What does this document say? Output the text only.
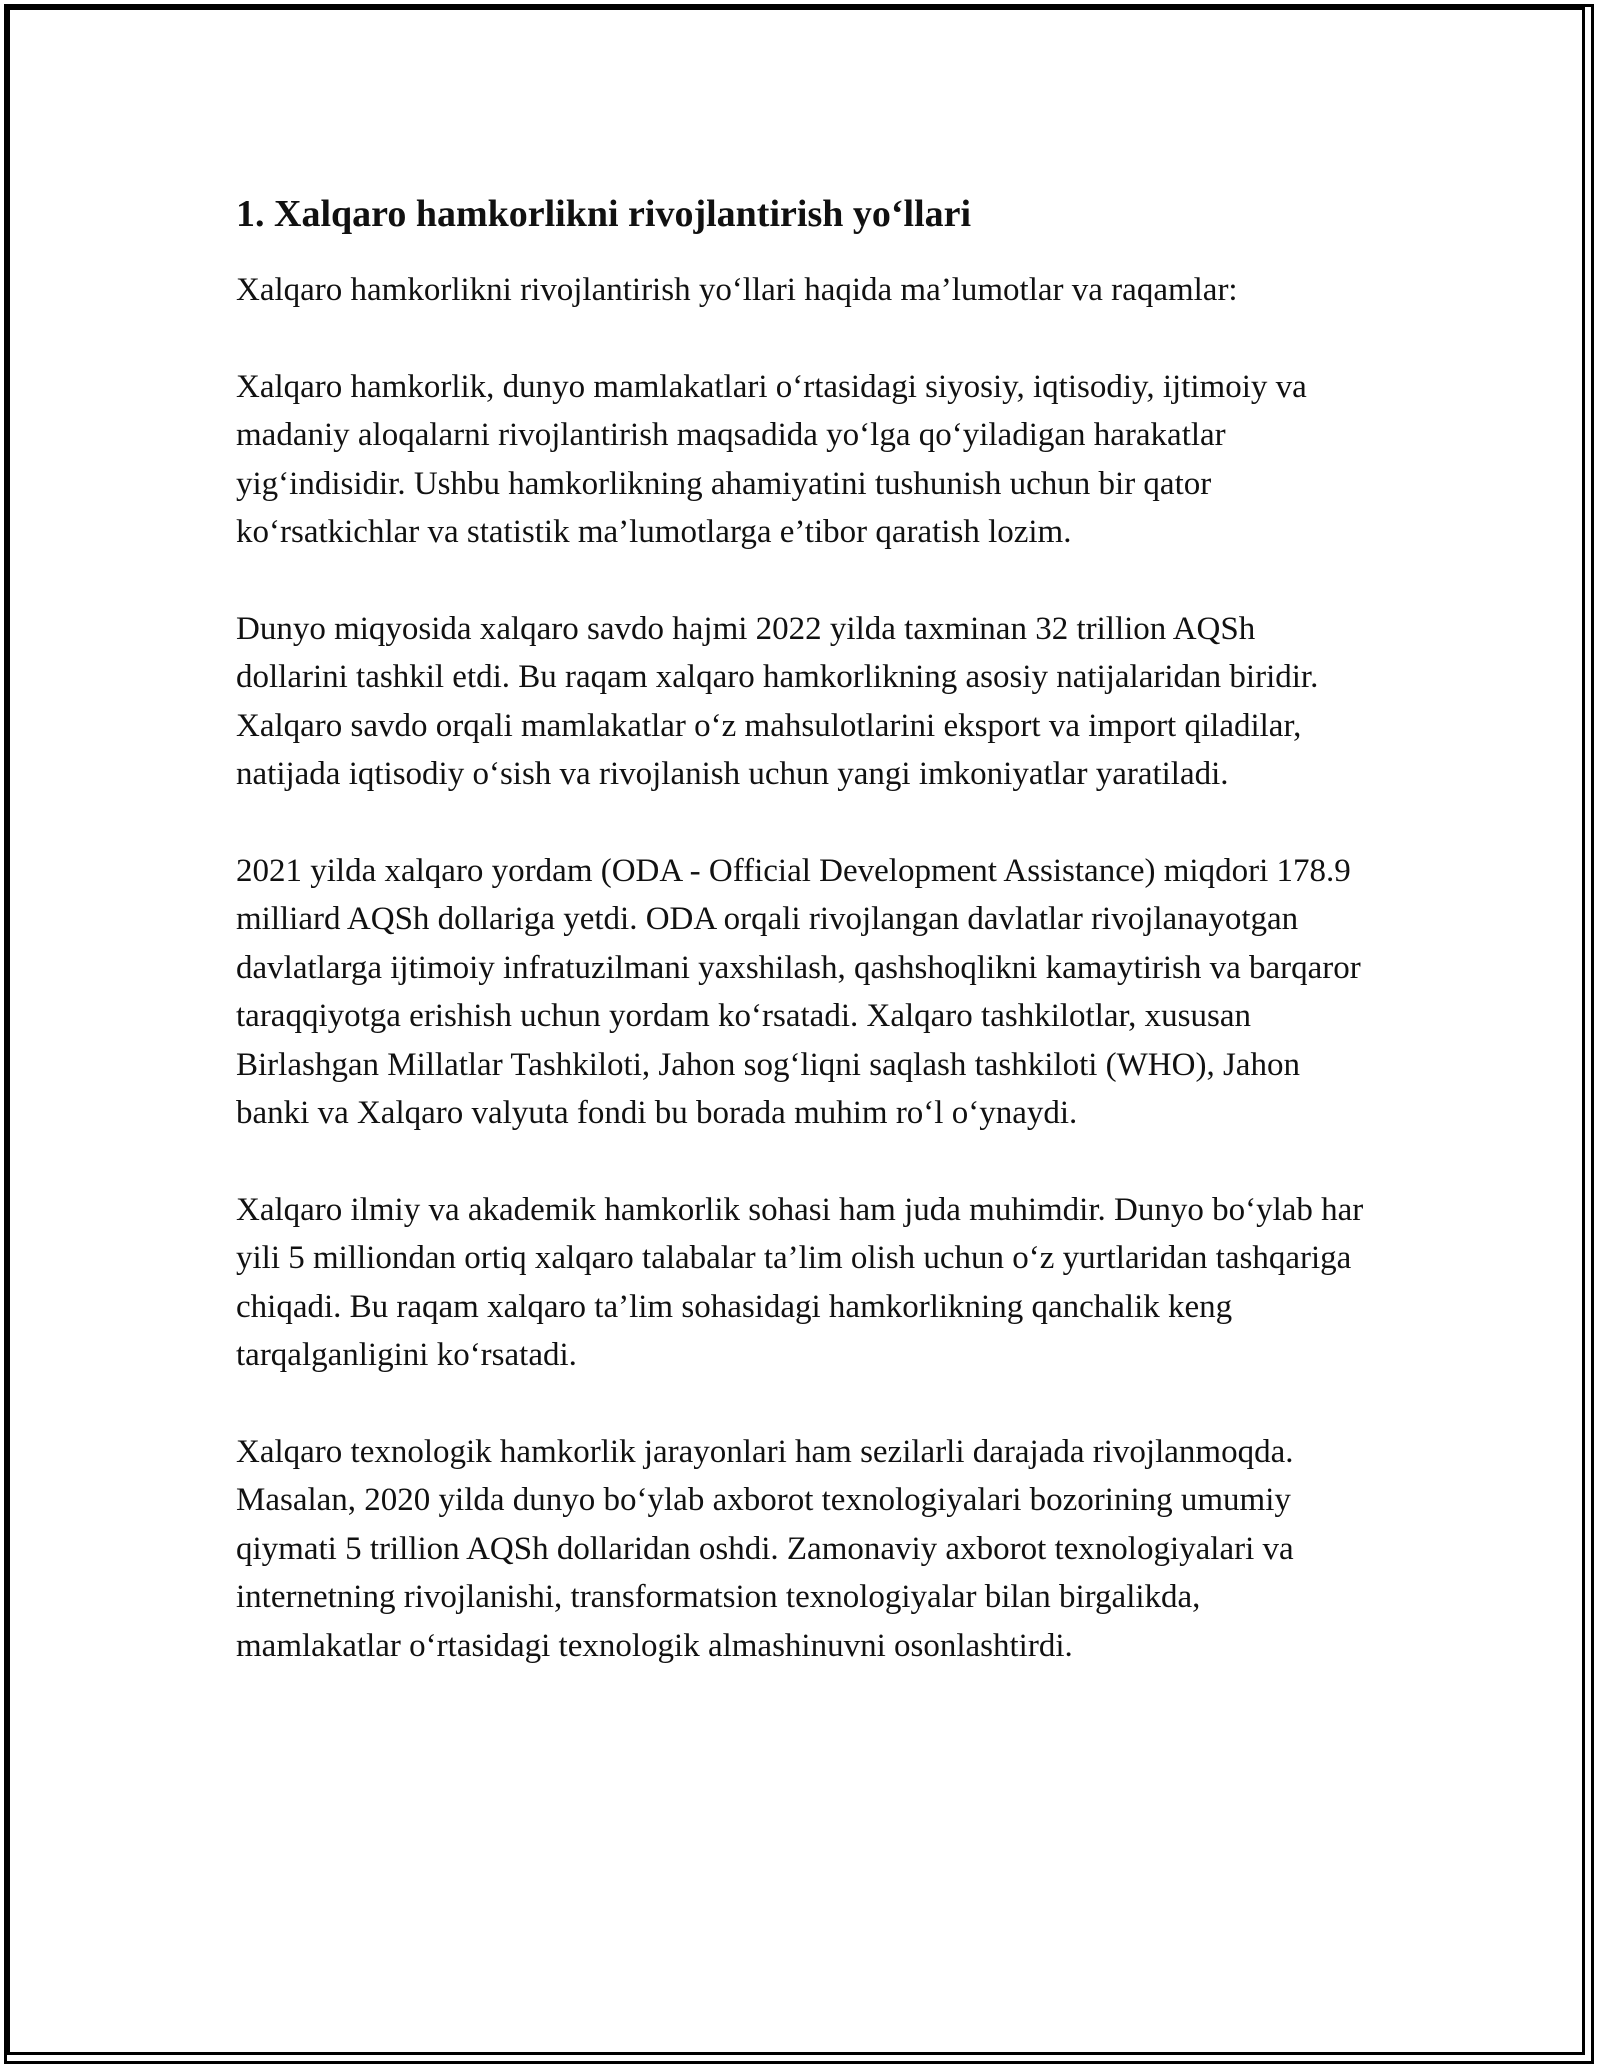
1. Xalqaro hamkorlikni rivojlantirish yo‘llari

Xalqaro hamkorlikni rivojlantirish yo‘llari haqida ma’lumotlar va raqamlar:

Xalqaro hamkorlik, dunyo mamlakatlari o‘rtasidagi siyosiy, iqtisodiy, ijtimoiy va madaniy aloqalarni rivojlantirish maqsadida yo‘lga qo‘yiladigan harakatlar yig‘indisidir. Ushbu hamkorlikning ahamiyatini tushunish uchun bir qator ko‘rsatkichlar va statistik ma’lumotlarga e’tibor qaratish lozim.

Dunyo miqyosida xalqaro savdo hajmi 2022 yilda taxminan 32 trillion AQSh dollarini tashkil etdi. Bu raqam xalqaro hamkorlikning asosiy natijalaridan biridir. Xalqaro savdo orqali mamlakatlar o‘z mahsulotlarini eksport va import qiladilar, natijada iqtisodiy o‘sish va rivojlanish uchun yangi imkoniyatlar yaratiladi.

2021 yilda xalqaro yordam (ODA - Official Development Assistance) miqdori 178.9 milliard AQSh dollariga yetdi. ODA orqali rivojlangan davlatlar rivojlanayotgan davlatlarga ijtimoiy infratuzilmani yaxshilash, qashshoqlikni kamaytirish va barqaror taraqqiyotga erishish uchun yordam ko‘rsatadi. Xalqaro tashkilotlar, xususan Birlashgan Millatlar Tashkiloti, Jahon sog‘liqni saqlash tashkiloti (WHO), Jahon banki va Xalqaro valyuta fondi bu borada muhim ro‘l o‘ynaydi.

Xalqaro ilmiy va akademik hamkorlik sohasi ham juda muhimdir. Dunyo bo‘ylab har yili 5 milliondan ortiq xalqaro talabalar ta’lim olish uchun o‘z yurtlaridan tashqariga chiqadi. Bu raqam xalqaro ta’lim sohasidagi hamkorlikning qanchalik keng tarqalganligini ko‘rsatadi.

Xalqaro texnologik hamkorlik jarayonlari ham sezilarli darajada rivojlanmoqda. Masalan, 2020 yilda dunyo bo‘ylab axborot texnologiyalari bozorining umumiy qiymati 5 trillion AQSh dollaridan oshdi. Zamonaviy axborot texnologiyalari va internetning rivojlanishi, transformatsion texnologiyalar bilan birgalikda, mamlakatlar o‘rtasidagi texnologik almashinuvni osonlashtirdi.
